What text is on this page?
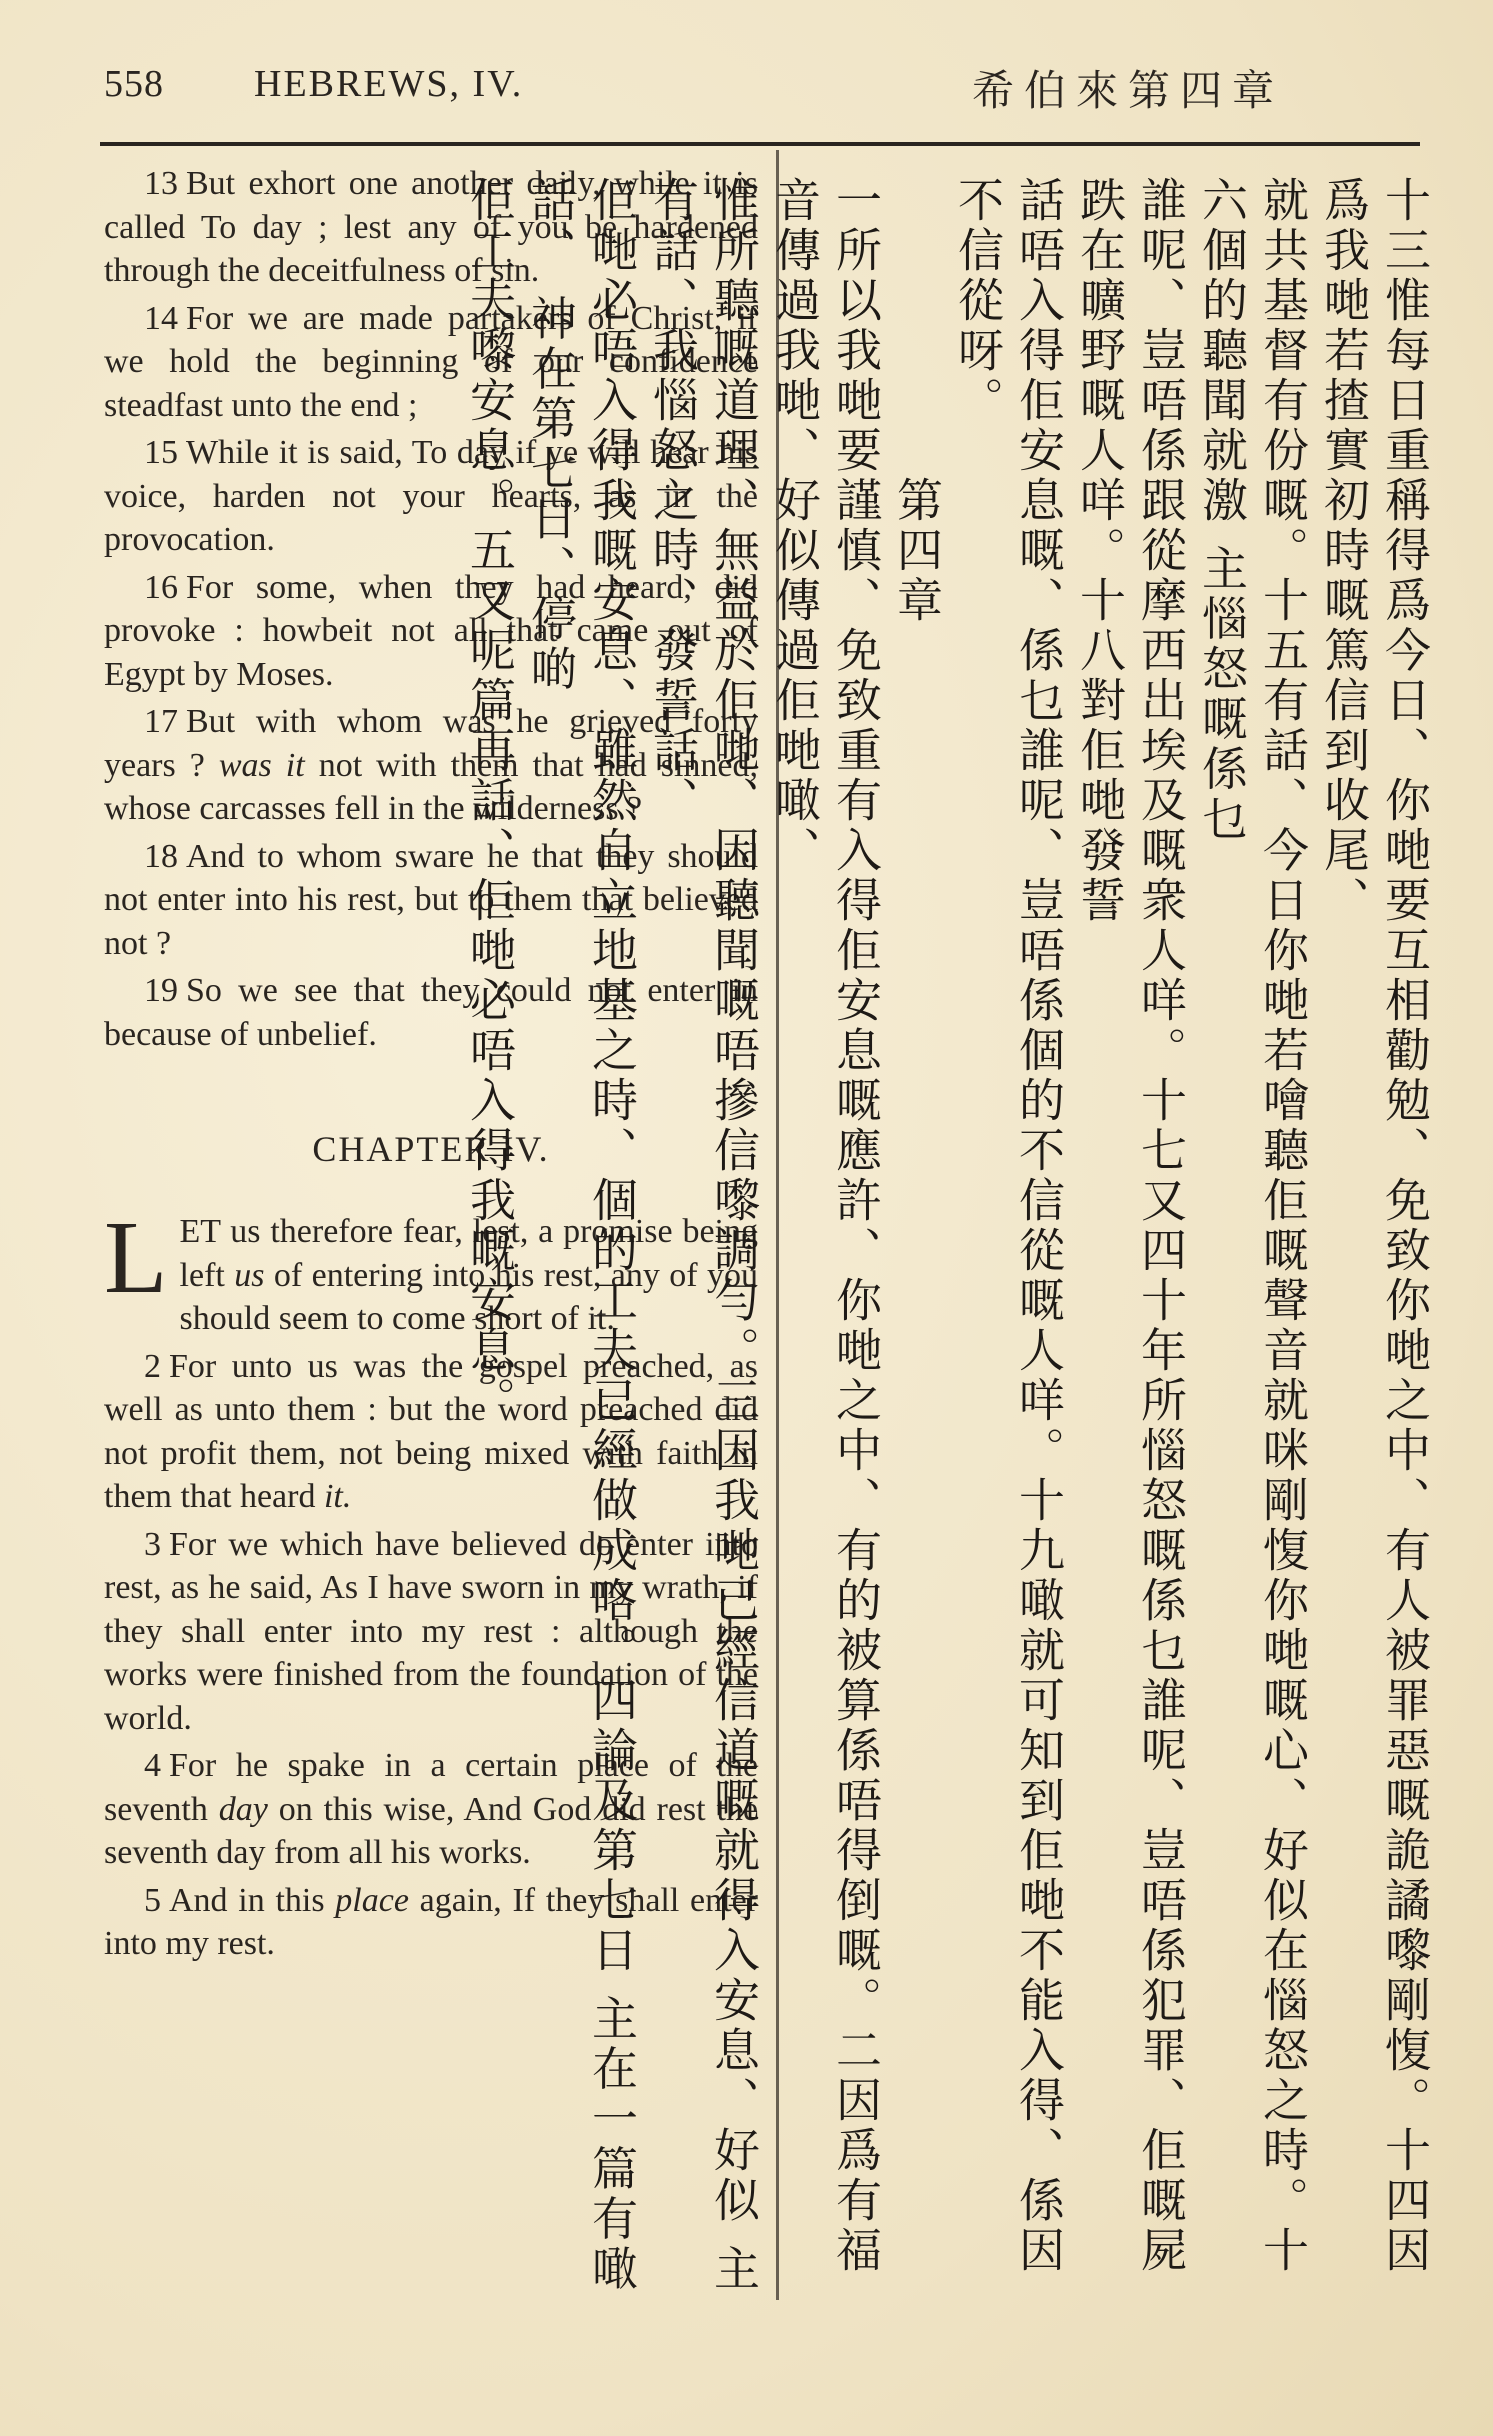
558 HEBREWS, IV.	希伯來第四章

13 But exhort one another daily, while it is called To day ; lest any of you be hardened through the deceitfulness of sin.

14 For we are made partakers of Christ, if we hold the beginning of our confidence steadfast unto the end ;

15 While it is said, To day if ye will hear his voice, harden not your hearts, as in the provocation.

16 For some, when they had heard, did provoke : howbeit not all that came out of Egypt by Moses.

17 But with whom was he grieved forty years ? was it not with them that had sinned, whose carcasses fell in the wilderness ?

18 And to whom sware he that they should not enter into his rest, but to them that believed not ?

19 So we see that they could not enter in because of unbelief.

CHAPTER IV.

LET us therefore fear, lest, a promise being left us of entering into his rest, any of you should seem to come short of it.

2 For unto us was the gospel preached, as well as unto them : but the word preached did not profit them, not being mixed with faith in them that heard it.

3 For we which have believed do enter into rest, as he said, As I have sworn in my wrath, if they shall enter into my rest : although the works were finished from the foundation of the world.

4 For he spake in a certain place of the seventh day on this wise, And God did rest the seventh day from all his works.

5 And in this place again, If they shall enter into my rest.	十三惟每日重稱得爲今日、你哋要互相勸勉、免致你哋之中、有人被罪惡嘅詭譎嚟剛愎。十四因爲我哋若揸實初時嘅篤信到收尾、

就共基督有份嘅。十五有話、今日你哋若噲聽佢嘅聲音就咪剛愎你哋嘅心、好似在惱怒之時。十六個的聽聞就激 主惱怒嘅係乜

誰呢、豈唔係跟從摩西出埃及嘅衆人咩。十七又四十年所惱怒嘅係乜誰呢、豈唔係犯罪、佢嘅屍跌在曠野嘅人咩。十八對佢哋發誓

話唔入得佢安息嘅、係乜誰呢、豈唔係個的不信從嘅人咩。十九噉就可知到佢哋不能入得、係因不信從呀。

第四章

一所以我哋要謹慎、免致重有入得佢安息嘅應許、你哋之中、有的被算係唔得倒嘅。二因爲有福音傳過我哋、好似傳過佢哋噉、

惟所聽嘅道理、無益於佢哋、因聽聞嘅唔摻信嚟調勻。三因我哋已經信道嘅就得入安息、好似 主有話、我惱怒之時、發誓話、

佢哋必唔入得我嘅安息、雖然自立地基之時、個的工夫已經做成咯。四論及第七日 主在一篇有噉話、 神在第七日、停啲

佢工夫嚟安息。五又呢篇再話、佢哋必唔入得我嘅安息。
